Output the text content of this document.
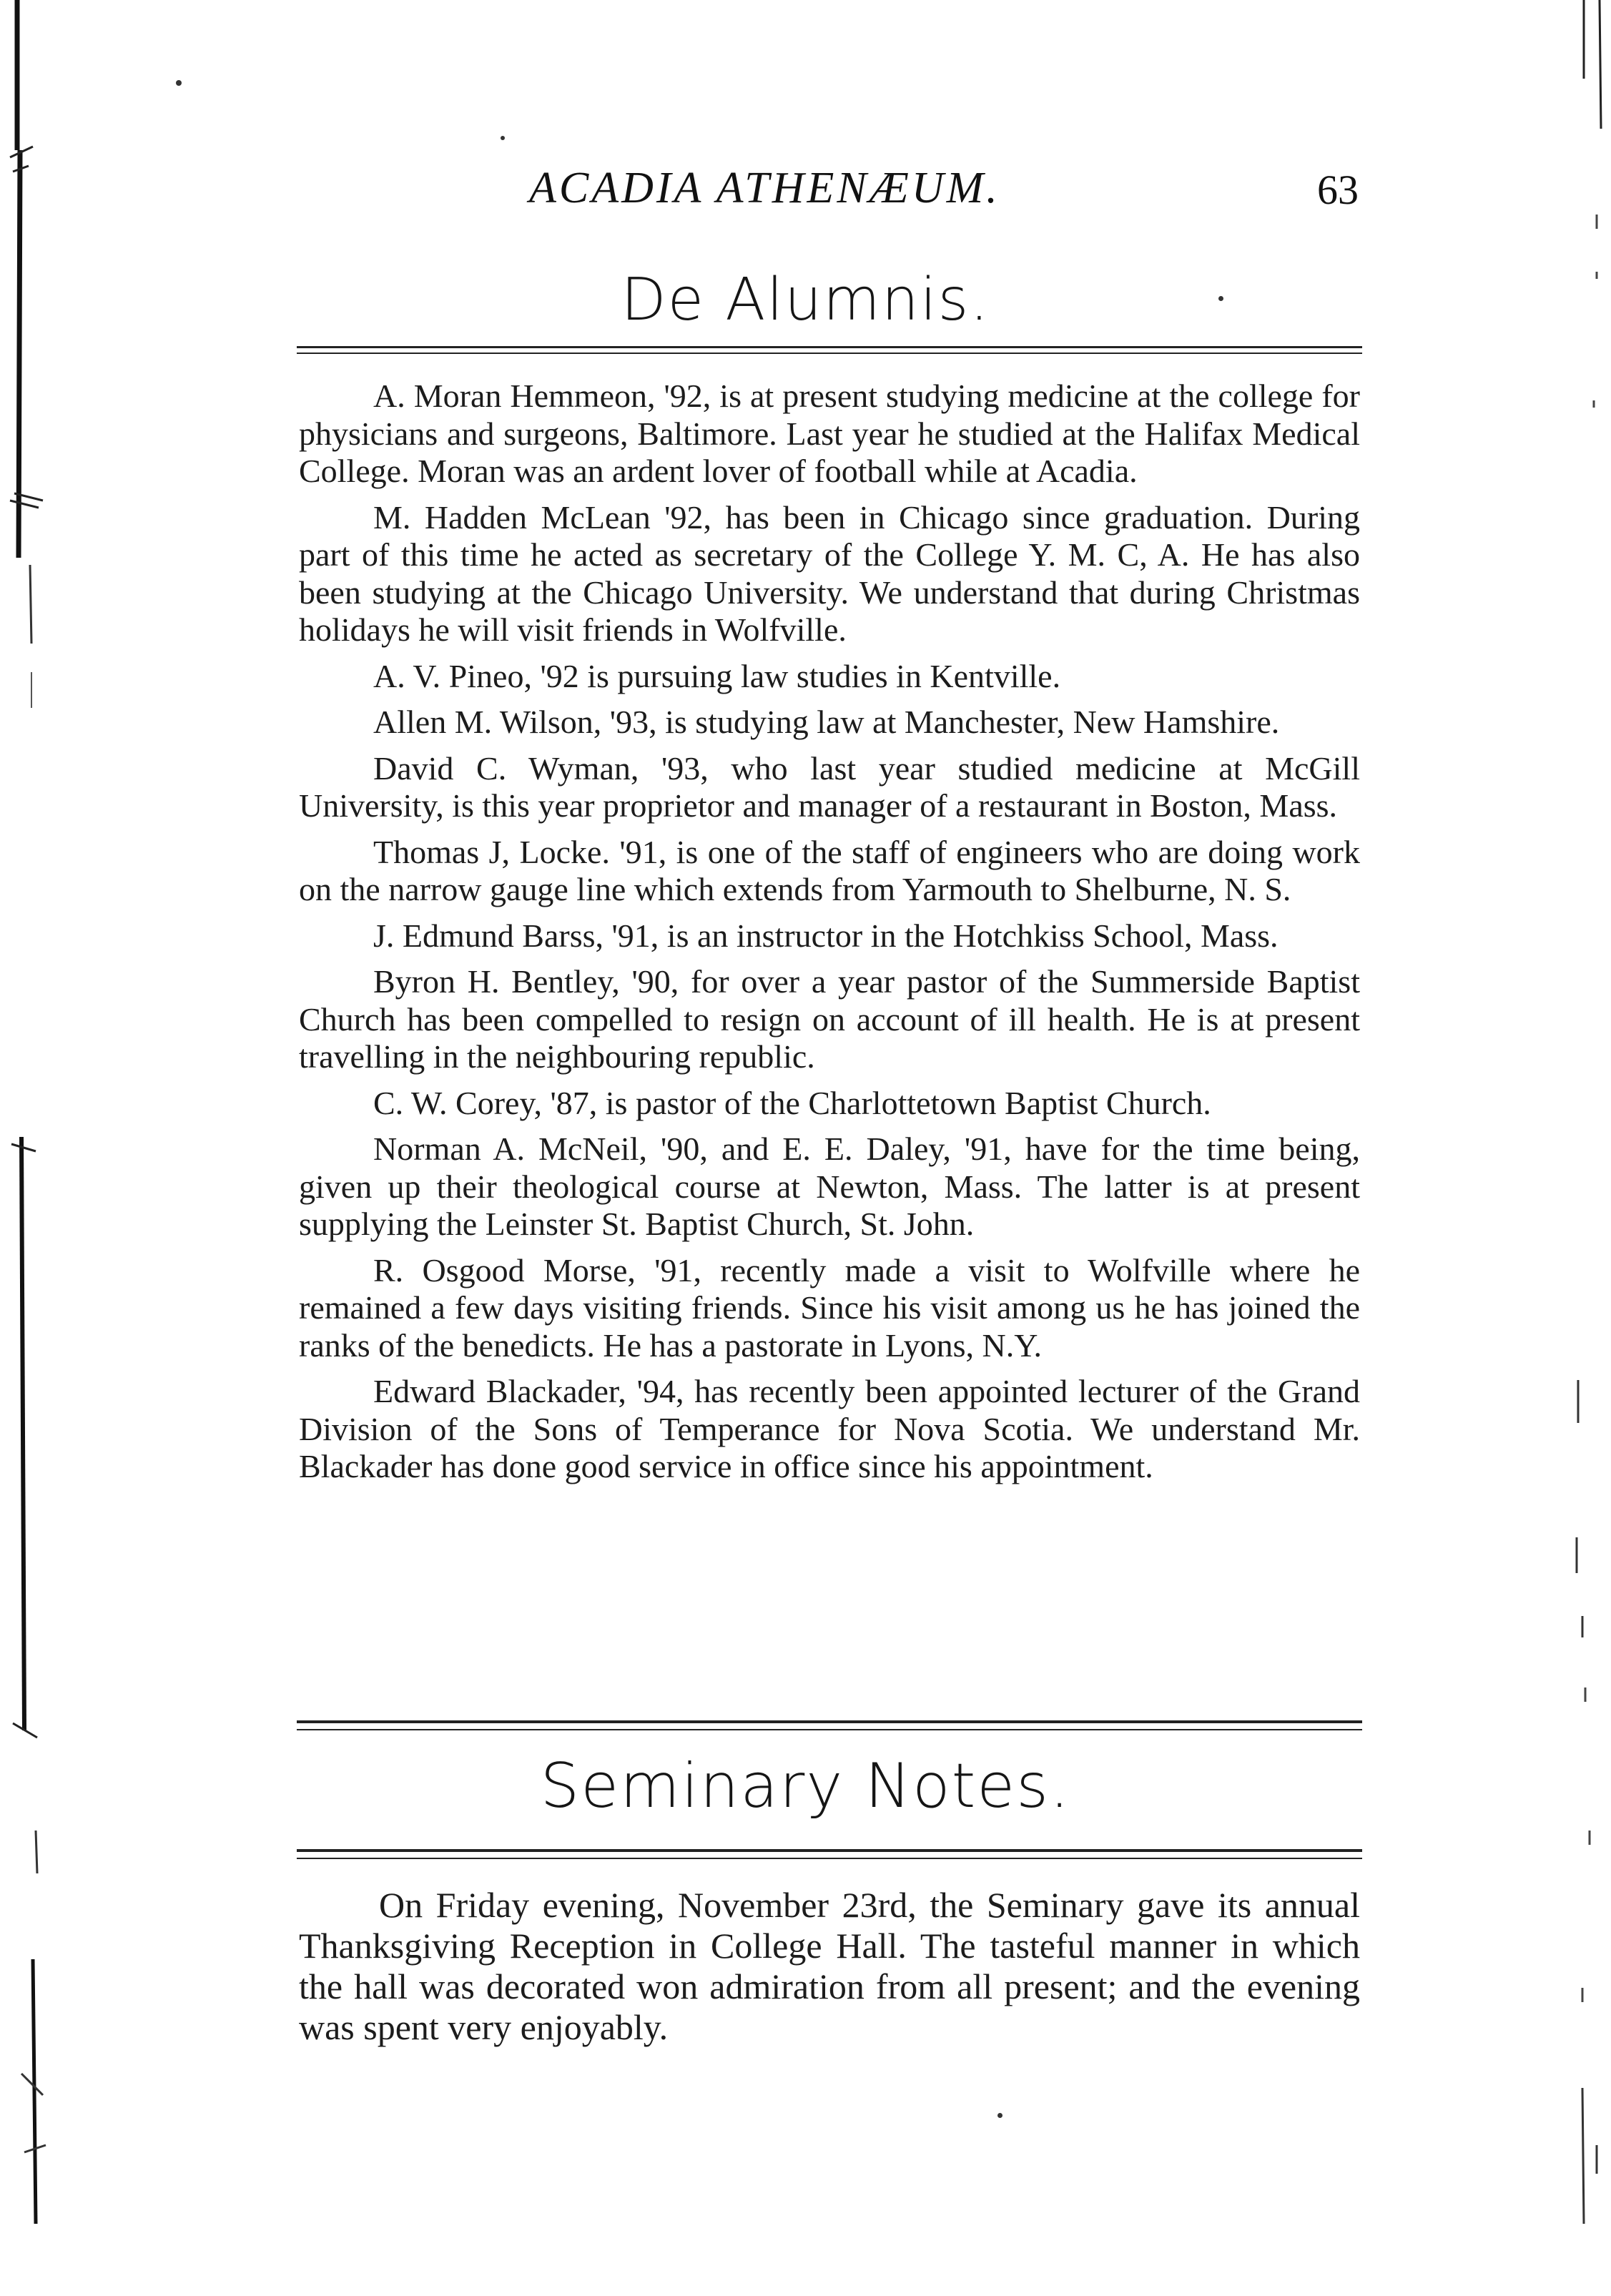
ACADIA ATHENÆUM.	63
De Alumnis.

A. Moran Hemmeon, '92, is at present studying medicine at the college for physicians and surgeons, Baltimore. Last year he studied at the Halifax Medical College. Moran was an ardent lover of football while at Acadia.

M. Hadden McLean '92, has been in Chicago since graduation. During part of this time he acted as secretary of the College Y. M. C, A. He has also been studying at the Chicago University. We understand that during Christmas holidays he will visit friends in Wolfville.

A. V. Pineo, '92 is pursuing law studies in Kentville.

Allen M. Wilson, '93, is studying law at Manchester, New Hamshire.

David C. Wyman, '93, who last year studied medicine at McGill University, is this year proprietor and manager of a restaurant in Boston, Mass.

Thomas J, Locke. '91, is one of the staff of engineers who are doing work on the narrow gauge line which extends from Yarmouth to Shelburne, N. S.

J. Edmund Barss, '91, is an instructor in the Hotchkiss School, Mass.

Byron H. Bentley, '90, for over a year pastor of the Summerside Baptist Church has been compelled to resign on account of ill health. He is at present travelling in the neighbouring republic.

C. W. Corey, '87, is pastor of the Charlottetown Baptist Church.

Norman A. McNeil, '90, and E. E. Daley, '91, have for the time being, given up their theological course at Newton, Mass. The latter is at present supplying the Leinster St. Baptist Church, St. John.

R. Osgood Morse, '91, recently made a visit to Wolfville where he remained a few days visiting friends. Since his visit among us he has joined the ranks of the benedicts. He has a pastorate in Lyons, N.Y.

Edward Blackader, '94, has recently been appointed lecturer of the Grand Division of the Sons of Temperance for Nova Scotia. We understand Mr. Blackader has done good service in office since his appointment.

Seminary Notes.

On Friday evening, November 23rd, the Seminary gave its annual Thanksgiving Reception in College Hall. The tasteful manner in which the hall was decorated won admiration from all present; and the evening was spent very enjoyably.
